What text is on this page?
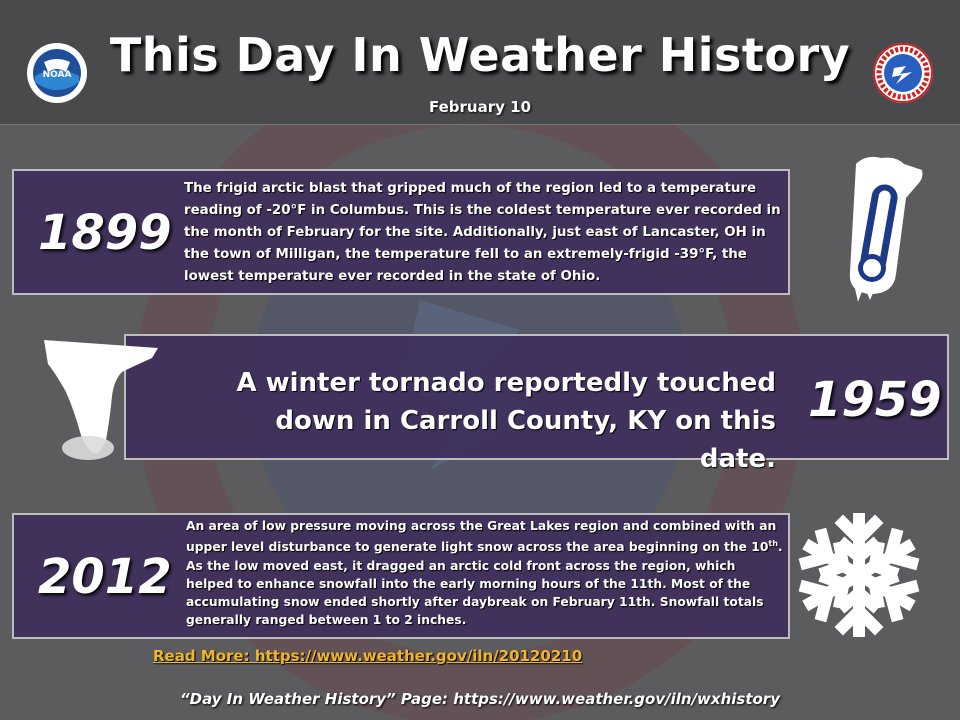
NOAA This Day In Weather History
February 10
1899
The frigid arctic blast that gripped much of the region led to a temperature reading of -20°F in Columbus. This is the coldest temperature ever recorded in the month of February for the site. Additionally, just east of Lancaster, OH in the town of Milligan, the temperature fell to an extremely-frigid -39°F, the lowest temperature ever recorded in the state of Ohio.
1959
A winter tornado reportedly touched down in Carroll County, KY on this date.
2012
An area of low pressure moving across the Great Lakes region and combined with an upper level disturbance to generate light snow across the area beginning on the 10th. As the low moved east, it dragged an arctic cold front across the region, which helped to enhance snowfall into the early morning hours of the 11th. Most of the accumulating snow ended shortly after daybreak on February 11th. Snowfall totals generally ranged between 1 to 2 inches.
Read More: https://www.weather.gov/iln/20120210
“Day In Weather History” Page: https://www.weather.gov/iln/wxhistory
